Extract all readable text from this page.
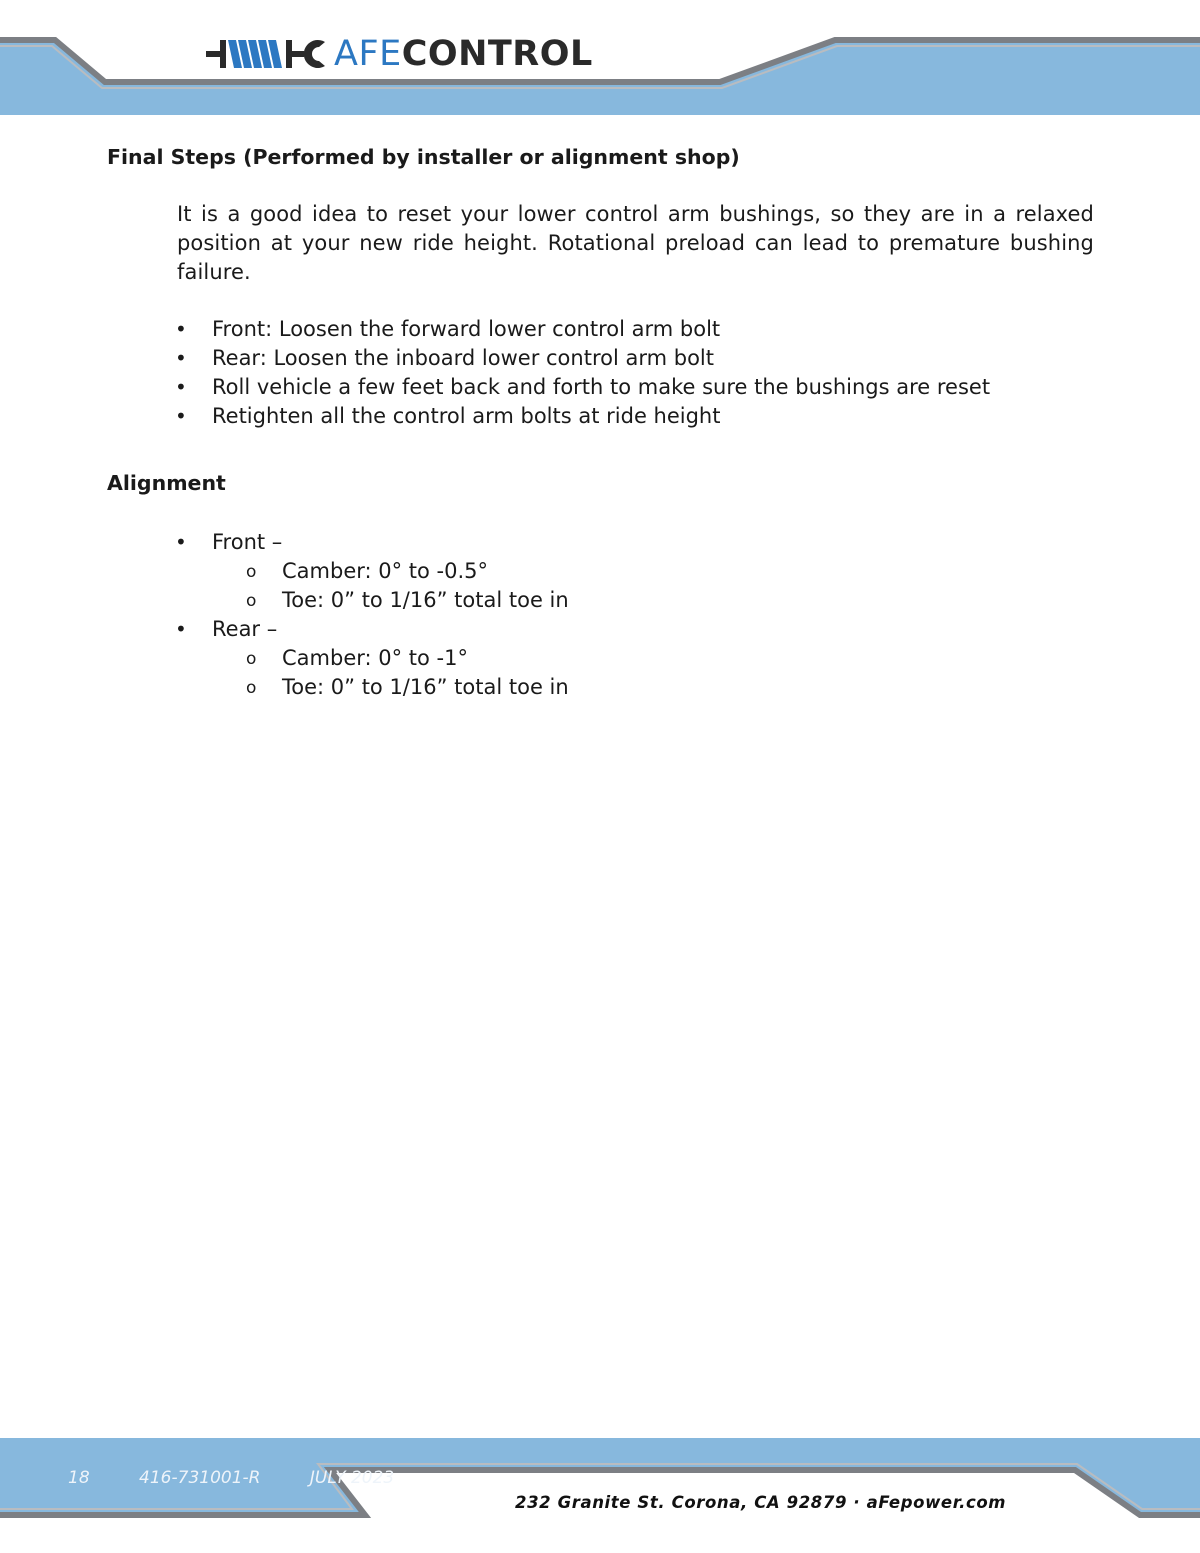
AFECONTROL
Final Steps (Performed by installer or alignment shop)

It is a good idea to reset your lower control arm bushings, so they are in a relaxed position at your new ride height. Rotational preload can lead to premature bushing failure.

• Front: Loosen the forward lower control arm bolt
• Rear: Loosen the inboard lower control arm bolt
• Roll vehicle a few feet back and forth to make sure the bushings are reset
• Retighten all the control arm bolts at ride height
Alignment
• Front –
o Camber: 0° to -0.5°
o Toe: 0” to 1/16” total toe in
• Rear –
o Camber: 0° to -1°
o Toe: 0” to 1/16” total toe in
18	416-731001-R	JULY 2023
232 Granite St. Corona, CA 92879 · aFepower.com
